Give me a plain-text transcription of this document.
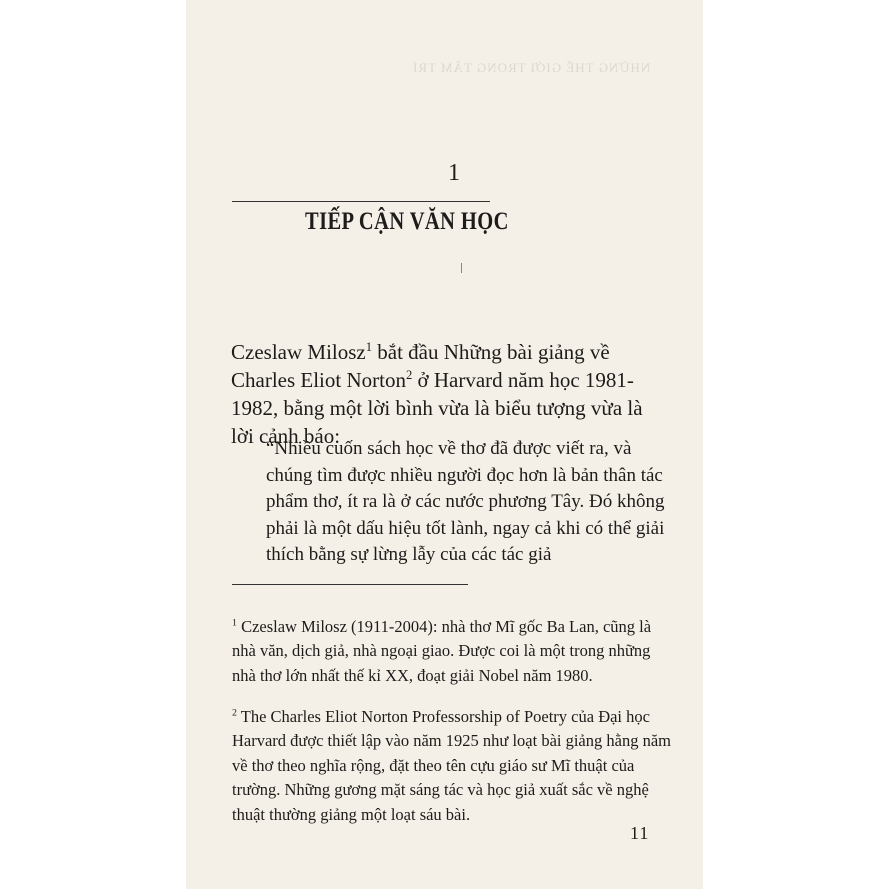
NHỮNG THẾ GIỚI TRONG TÂM TRÍ
1
TIẾP CẬN VĂN HỌC
Czeslaw Milosz$^1$ bắt đầu Những bài giảng về Charles Eliot Norton$^2$ ở Harvard năm học 1981-1982, bằng một lời bình vừa là biểu tượng vừa là lời cảnh báo:
“Nhiều cuốn sách học về thơ đã được viết ra, và chúng tìm được nhiều người đọc hơn là bản thân tác phẩm thơ, ít ra là ở các nước phương Tây. Đó không phải là một dấu hiệu tốt lành, ngay cả khi có thể giải thích bằng sự lừng lẫy của các tác giả

$^1$ Czeslaw Milosz (1911-2004): nhà thơ Mĩ gốc Ba Lan, cũng là nhà văn, dịch giả, nhà ngoại giao. Được coi là một trong những nhà thơ lớn nhất thế kỉ XX, đoạt giải Nobel năm 1980.

$^2$ The Charles Eliot Norton Professorship of Poetry của Đại học Harvard được thiết lập vào năm 1925 như loạt bài giảng hằng năm về thơ theo nghĩa rộng, đặt theo tên cựu giáo sư Mĩ thuật của trường. Những gương mặt sáng tác và học giả xuất sắc về nghệ thuật thường giảng một loạt sáu bài.

11
